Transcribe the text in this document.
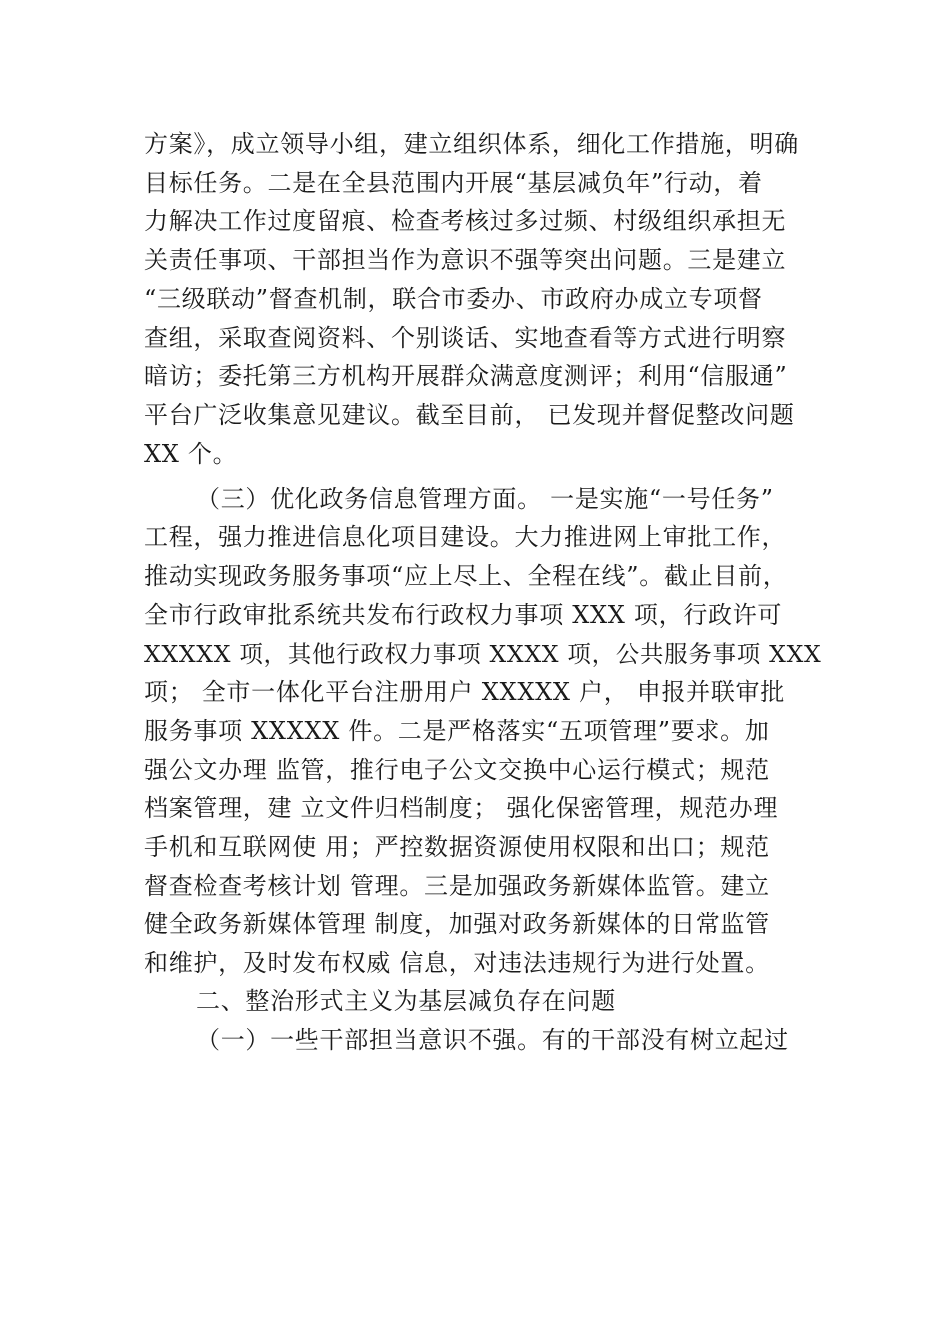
方案》，成立领导小组，建立组织体系，细化工作措施，明确
目标任务。二是在全县范围内开展“基层减负年”行动，着
力解决工作过度留痕、检查考核过多过频、村级组织承担无
关责任事项、干部担当作为意识不强等突出问题。三是建立
“三级联动”督查机制，联合市委办、市政府办成立专项督
查组，采取查阅资料、个别谈话、实地查看等方式进行明察
暗访；委托第三方机构开展群众满意度测评；利用“信服通”
平台广泛收集意见建议。截至目前， 已发现并督促整改问题
XX 个。
（三）优化政务信息管理方面。 一是实施“一号任务”
工程，强力推进信息化项目建设。大力推进网上审批工作，
推动实现政务服务事项“应上尽上、全程在线”。截止目前，
全市行政审批系统共发布行政权力事项 XXX 项，行政许可
XXXXX 项，其他行政权力事项 XXXX 项，公共服务事项 XXX
项； 全市一体化平台注册用户 XXXXX 户， 申报并联审批
服务事项 XXXXX 件。二是严格落实“五项管理”要求。加
强公文办理 监管，推行电子公文交换中心运行模式；规范
档案管理，建 立文件归档制度； 强化保密管理，规范办理
手机和互联网使 用；严控数据资源使用权限和出口；规范
督查检查考核计划 管理。三是加强政务新媒体监管。建立
健全政务新媒体管理 制度，加强对政务新媒体的日常监管
和维护，及时发布权威 信息，对违法违规行为进行处置。
二、整治形式主义为基层减负存在问题
（一）一些干部担当意识不强。有的干部没有树立起过
